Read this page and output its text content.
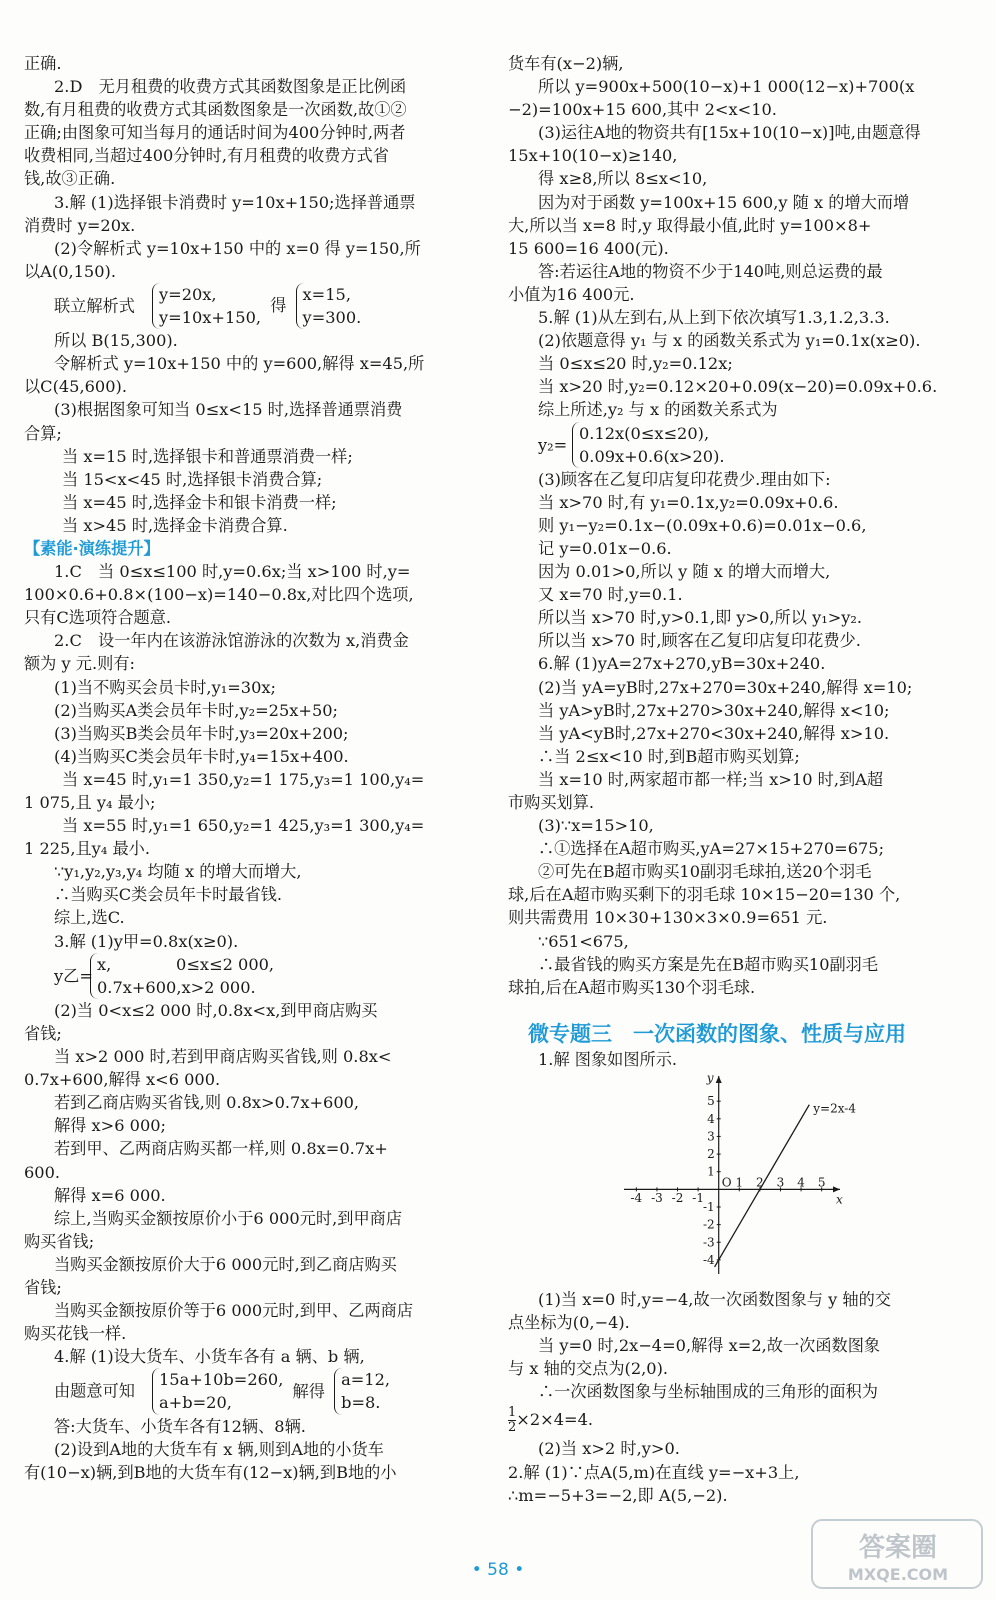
正确.
2.D　无月租费的收费方式其函数图象是正比例函
数,有月租费的收费方式其函数图象是一次函数,故①②
正确;由图象可知当每月的通话时间为400分钟时,两者
收费相同,当超过400分钟时,有月租费的收费方式省
钱,故③正确.
3.解 (1)选择银卡消费时 y=10x+150;选择普通票
消费时 y=20x.
(2)令解析式 y=10x+150 中的 x=0 得 y=150,所
以A(0,150).
联立解析式
y=20x,
y=10x+150,
得
x=15,
y=300.
所以 B(15,300).
令解析式 y=10x+150 中的 y=600,解得 x=45,所
以C(45,600).
(3)根据图象可知当 0≤x<15 时,选择普通票消费
合算;
当 x=15 时,选择银卡和普通票消费一样;
当 15<x<45 时,选择银卡消费合算;
当 x=45 时,选择金卡和银卡消费一样;
当 x>45 时,选择金卡消费合算.
【素能·演练提升】
1.C　当 0≤x≤100 时,y=0.6x;当 x>100 时,y=
100×0.6+0.8×(100−x)=140−0.8x,对比四个选项,
只有C选项符合题意.
2.C　设一年内在该游泳馆游泳的次数为 x,消费金
额为 y 元.则有:
(1)当不购买会员卡时,y₁=30x;
(2)当购买A类会员年卡时,y₂=25x+50;
(3)当购买B类会员年卡时,y₃=20x+200;
(4)当购买C类会员年卡时,y₄=15x+400.
当 x=45 时,y₁=1 350,y₂=1 175,y₃=1 100,y₄=
1 075,且 y₄ 最小;
当 x=55 时,y₁=1 650,y₂=1 425,y₃=1 300,y₄=
1 225,且y₄ 最小.
∵y₁,y₂,y₃,y₄ 均随 x 的增大而增大,
∴当购买C类会员年卡时最省钱.
综上,选C.
3.解 (1)y甲=0.8x(x≥0).
y乙=
x,　　　　0≤x≤2 000,
0.7x+600,x>2 000.
(2)当 0<x≤2 000 时,0.8x<x,到甲商店购买
省钱;
当 x>2 000 时,若到甲商店购买省钱,则 0.8x<
0.7x+600,解得 x<6 000.
若到乙商店购买省钱,则 0.8x>0.7x+600,
解得 x>6 000;
若到甲、乙两商店购买都一样,则 0.8x=0.7x+
600.
解得 x=6 000.
综上,当购买金额按原价小于6 000元时,到甲商店
购买省钱;
当购买金额按原价大于6 000元时,到乙商店购买
省钱;
当购买金额按原价等于6 000元时,到甲、乙两商店
购买花钱一样.
4.解 (1)设大货车、小货车各有 a 辆、b 辆,
由题意可知
15a+10b=260,
a+b=20,
解得
a=12,
b=8.
答:大货车、小货车各有12辆、8辆.
(2)设到A地的大货车有 x 辆,则到A地的小货车
有(10−x)辆,到B地的大货车有(12−x)辆,到B地的小
货车有(x−2)辆,
所以 y=900x+500(10−x)+1 000(12−x)+700(x
−2)=100x+15 600,其中 2<x<10.
(3)运往A地的物资共有[15x+10(10−x)]吨,由题意得
15x+10(10−x)≥140,
得 x≥8,所以 8≤x<10,
因为对于函数 y=100x+15 600,y 随 x 的增大而增
大,所以当 x=8 时,y 取得最小值,此时 y=100×8+
15 600=16 400(元).
答:若运往A地的物资不少于140吨,则总运费的最
小值为16 400元.
5.解 (1)从左到右,从上到下依次填写1.3,1.2,3.3.
(2)依题意得 y₁ 与 x 的函数关系式为 y₁=0.1x(x≥0).
当 0≤x≤20 时,y₂=0.12x;
当 x>20 时,y₂=0.12×20+0.09(x−20)=0.09x+0.6.
综上所述,y₂ 与 x 的函数关系式为
y₂=
0.12x(0≤x≤20),
0.09x+0.6(x>20).
(3)顾客在乙复印店复印花费少.理由如下:
当 x>70 时,有 y₁=0.1x,y₂=0.09x+0.6.
则 y₁−y₂=0.1x−(0.09x+0.6)=0.01x−0.6,
记 y=0.01x−0.6.
因为 0.01>0,所以 y 随 x 的增大而增大,
又 x=70 时,y=0.1.
所以当 x>70 时,y>0.1,即 y>0,所以 y₁>y₂.
所以当 x>70 时,顾客在乙复印店复印花费少.
6.解 (1)yA=27x+270,yB=30x+240.
(2)当 yA=yB时,27x+270=30x+240,解得 x=10;
当 yA>yB时,27x+270>30x+240,解得 x<10;
当 yA<yB时,27x+270<30x+240,解得 x>10.
∴当 2≤x<10 时,到B超市购买划算;
当 x=10 时,两家超市都一样;当 x>10 时,到A超
市购买划算.
(3)∵x=15>10,
∴①选择在A超市购买,yA=27×15+270=675;
②可先在B超市购买10副羽毛球拍,送20个羽毛
球,后在A超市购买剩下的羽毛球 10×15−20=130 个,
则共需费用 10×30+130×3×0.9=651 元.
∵651<675,
∴最省钱的购买方案是先在B超市购买10副羽毛
球拍,后在A超市购买130个羽毛球.
微专题三　一次函数的图象、性质与应用
1.解 图象如图所示.
-4 -3 -2 -1
O 1 2 3 4 5
5
4
3
2
1
-1
-2
-3
-4
x
y
y=2x-4
(1)当 x=0 时,y=−4,故一次函数图象与 y 轴的交
点坐标为(0,−4).
当 y=0 时,2x−4=0,解得 x=2,故一次函数图象
与 x 轴的交点为(2,0).
∴一次函数图象与坐标轴围成的三角形的面积为
$\frac{1}{2} \times 2\times 4=4$.
(2)当 x>2 时,y>0.
2.解 (1)∵点A(5,m)在直线 y=−x+3上,
∴m=−5+3=−2,即 A(5,−2).
• 58 •
答案圈
MXQE.COM
